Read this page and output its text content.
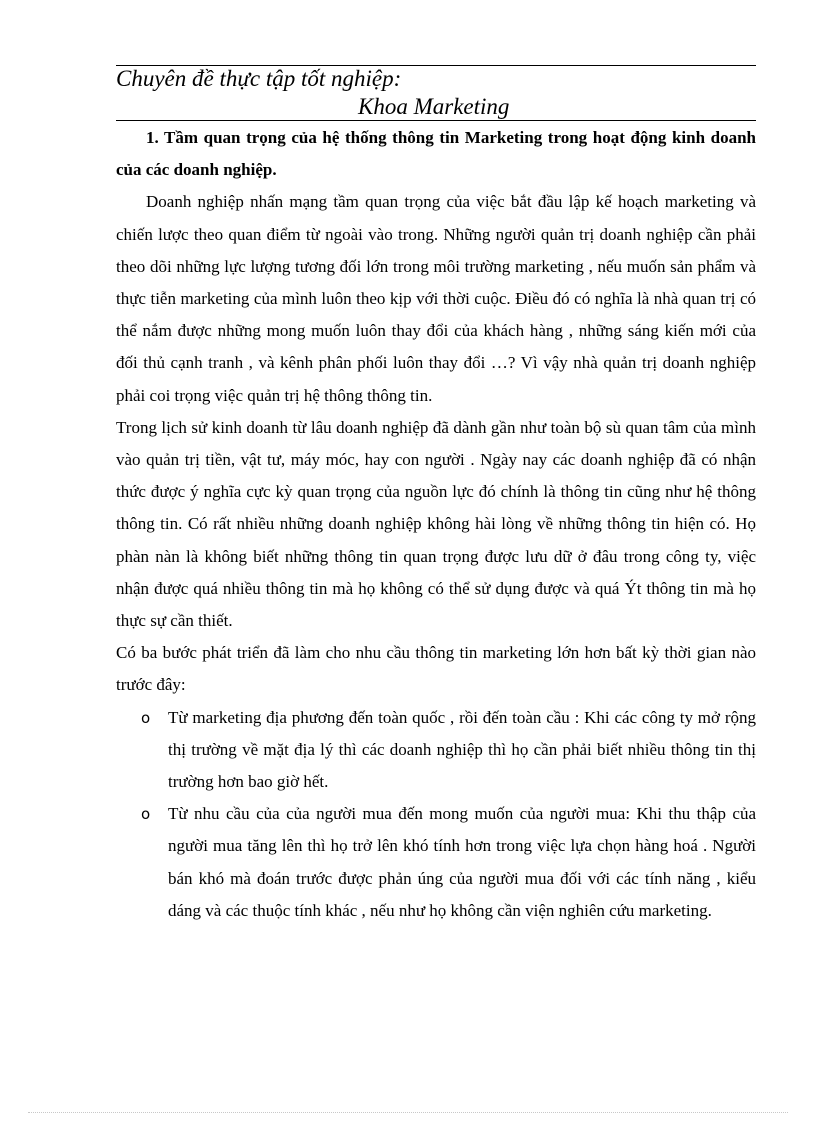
Chuyên đề thực tập tốt nghiệp:
Khoa Marketing

1. Tầm quan trọng của hệ thống thông tin Marketing trong hoạt động kinh doanh của các doanh nghiệp.

Doanh nghiệp nhấn mạng tầm quan trọng của việc bắt đầu lập kế hoạch marketing và chiến lược theo quan điểm từ ngoài vào trong. Những người quản trị doanh nghiệp cần phải theo dõi những lực lượng tương đối lớn trong môi trường marketing , nếu muốn sản phẩm và thực tiễn marketing của mình luôn theo kịp với thời cuộc. Điều đó có nghĩa là nhà quan trị có thể nắm được những mong muốn luôn thay đổi của khách hàng , những sáng kiến mới của đối thủ cạnh tranh , và kênh phân phối luôn thay đổi …? Vì vậy nhà quản trị doanh nghiệp phải coi trọng việc quản trị hệ thông thông tin.

Trong lịch sử kinh doanh từ lâu doanh nghiệp đã dành gần như toàn bộ sù quan tâm của mình vào quản trị tiền, vật tư, máy móc, hay con người . Ngày nay các doanh nghiệp đã có nhận thức được ý nghĩa cực kỳ quan trọng của nguồn lực đó chính là thông tin cũng như hệ thông thông tin. Có rất nhiều những doanh nghiệp không hài lòng về những thông tin hiện có. Họ phàn nàn là không biết những thông tin quan trọng được lưu dữ ở đâu trong công ty, việc nhận được quá nhiều thông tin mà họ không có thể sử dụng được và quá Ýt thông tin mà họ thực sự cần thiết.

Có ba bước phát triển đã làm cho nhu cầu thông tin marketing lớn hơn bất kỳ thời gian nào trước đây:

o Từ marketing địa phương đến toàn quốc , rồi đến toàn cầu : Khi các công ty mở rộng thị trường về mặt địa lý thì các doanh nghiệp thì họ cần phải biết nhiều thông tin thị trường hơn bao giờ hết.
o Từ nhu cầu của của người mua đến mong muốn của người mua: Khi thu thập của người mua tăng lên thì họ trở lên khó tính hơn trong việc lựa chọn hàng hoá . Người bán khó mà đoán trước được phản úng của người mua đối với các tính năng , kiểu dáng và các thuộc tính khác , nếu như họ không cần viện nghiên cứu marketing.
